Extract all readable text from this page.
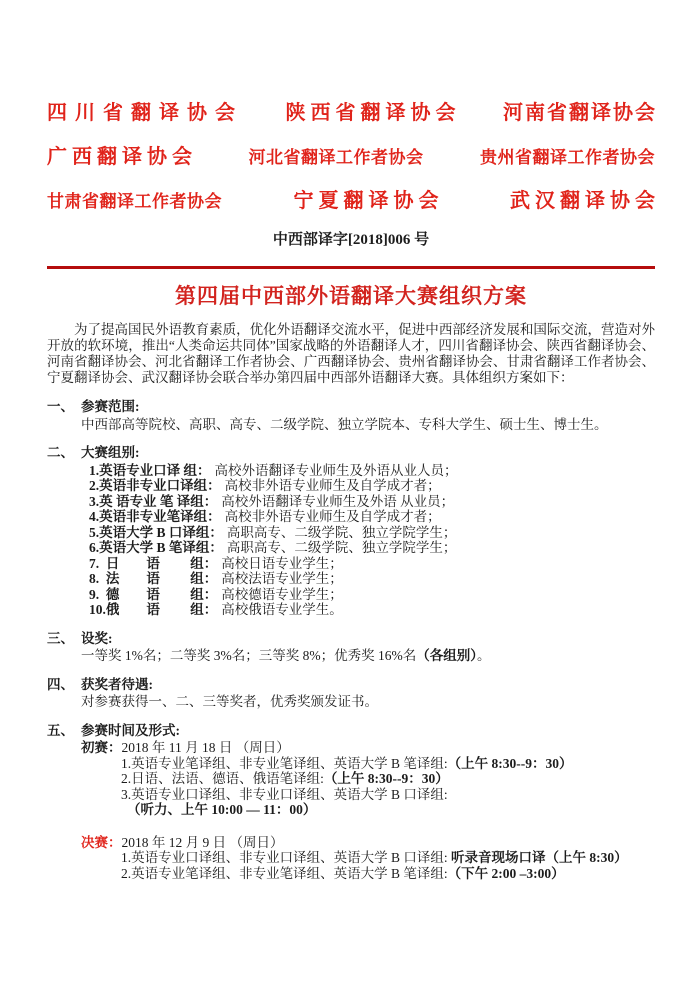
四川省翻译协会 陕西省翻译协会 河南省翻译协会
广 西 翻 译 协 会	河北省翻译工作者协会	贵州省翻译工作者协会
甘肃省翻译工作者协会	宁 夏 翻 译 协 会	武 汉 翻 译 协 会
中西部译字[2018]006 号
第四届中西部外语翻译大赛组织方案
为了提高国民外语教育素质，优化外语翻译交流水平，促进中西部经济发展和国际交流，营造对外开放的软环境，推出“人类命运共同体”国家战略的外语翻译人才，四川省翻译协会、陕西省翻译协会、河南省翻译协会、河北省翻译工作者协会、广西翻译协会、贵州省翻译协会、甘肃省翻译工作者协会、宁夏翻译协会、武汉翻译协会联合举办第四届中西部外语翻译大赛。具体组织方案如下：
一、 参赛范围:
中西部高等院校、高职、高专、二级学院、独立学院本、专科大学生、硕士生、博士生。
二、 大赛组别:
1.英语专业口译 组： 高校外语翻译专业师生及外语从业人员；
2.英语非专业口译组： 高校非外语专业师生及自学成才者；
3.英 语专业 笔 译组： 高校外语翻译专业师生及外语 从业员；
4.英语非专业笔译组： 高校非外语专业师生及自学成才者；
5.英语大学 B 口译组： 高职高专、二级学院、独立学院学生；
6.英语大学 B 笔译组： 高职高专、二级学院、独立学院学生；
7.  日　　语　　 组： 高校日语专业学生；
8.  法　　语　　 组： 高校法语专业学生；
9.  德　　语　　 组： 高校德语专业学生；
10.俄　　语　　 组： 高校俄语专业学生。
三、 设奖:
一等奖 1%名；二等奖 3%名；三等奖 8%；优秀奖 16%名（各组别）。
四、 获奖者待遇:
对参赛获得一、二、三等奖者，优秀奖颁发证书。
五、 参赛时间及形式:
初赛：2018 年 11 月 18 日 （周日）
1.英语专业笔译组、非专业笔译组、英语大学 B 笔译组:（上午 8:30--9：30）
2.日语、法语、德语、俄语笔译组:（上午 8:30--9：30）
3.英语专业口译组、非专业口译组、英语大学 B 口译组:
（听力、上午 10:00 — 11：00）
决赛：2018 年 12 月 9 日 （周日）
1.英语专业口译组、非专业口译组、英语大学 B 口译组: 听录音现场口译（上午 8:30）
2.英语专业笔译组、非专业笔译组、英语大学 B 笔译组:（下午 2:00 –3:00）
